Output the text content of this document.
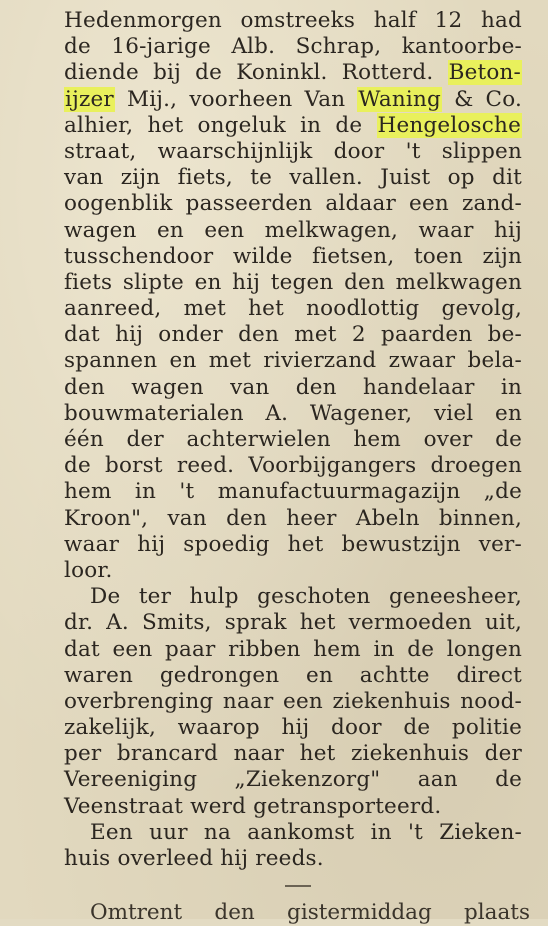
Hedenmorgen omstreeks half 12 had
de 16-jarige Alb. Schrap, kantoorbe-
diende bij de Koninkl. Rotterd. Beton-
ijzer Mij., voorheen Van Waning & Co.
alhier, het ongeluk in de Hengelosche
straat, waarschijnlijk door 't slippen
van zijn fiets, te vallen. Juist op dit
oogenblik passeerden aldaar een zand-
wagen en een melkwagen, waar hij
tusschendoor wilde fietsen, toen zijn
fiets slipte en hij tegen den melkwagen
aanreed, met het noodlottig gevolg,
dat hij onder den met 2 paarden be-
spannen en met rivierzand zwaar bela-
den wagen van den handelaar in
bouwmaterialen A. Wagener, viel en
één der achterwielen hem over de
de borst reed. Voorbijgangers droegen
hem in 't manufactuurmagazijn „de
Kroon", van den heer Abeln binnen,
waar hij spoedig het bewustzijn ver-
loor.
De ter hulp geschoten geneesheer,
dr. A. Smits, sprak het vermoeden uit,
dat een paar ribben hem in de longen
waren gedrongen en achtte direct
overbrenging naar een ziekenhuis nood-
zakelijk, waarop hij door de politie
per brancard naar het ziekenhuis der
Vereeniging „Ziekenzorg" aan de
Veenstraat werd getransporteerd.
Een uur na aankomst in 't Zieken-
huis overleed hij reeds.
Omtrent den gistermiddag plaats
